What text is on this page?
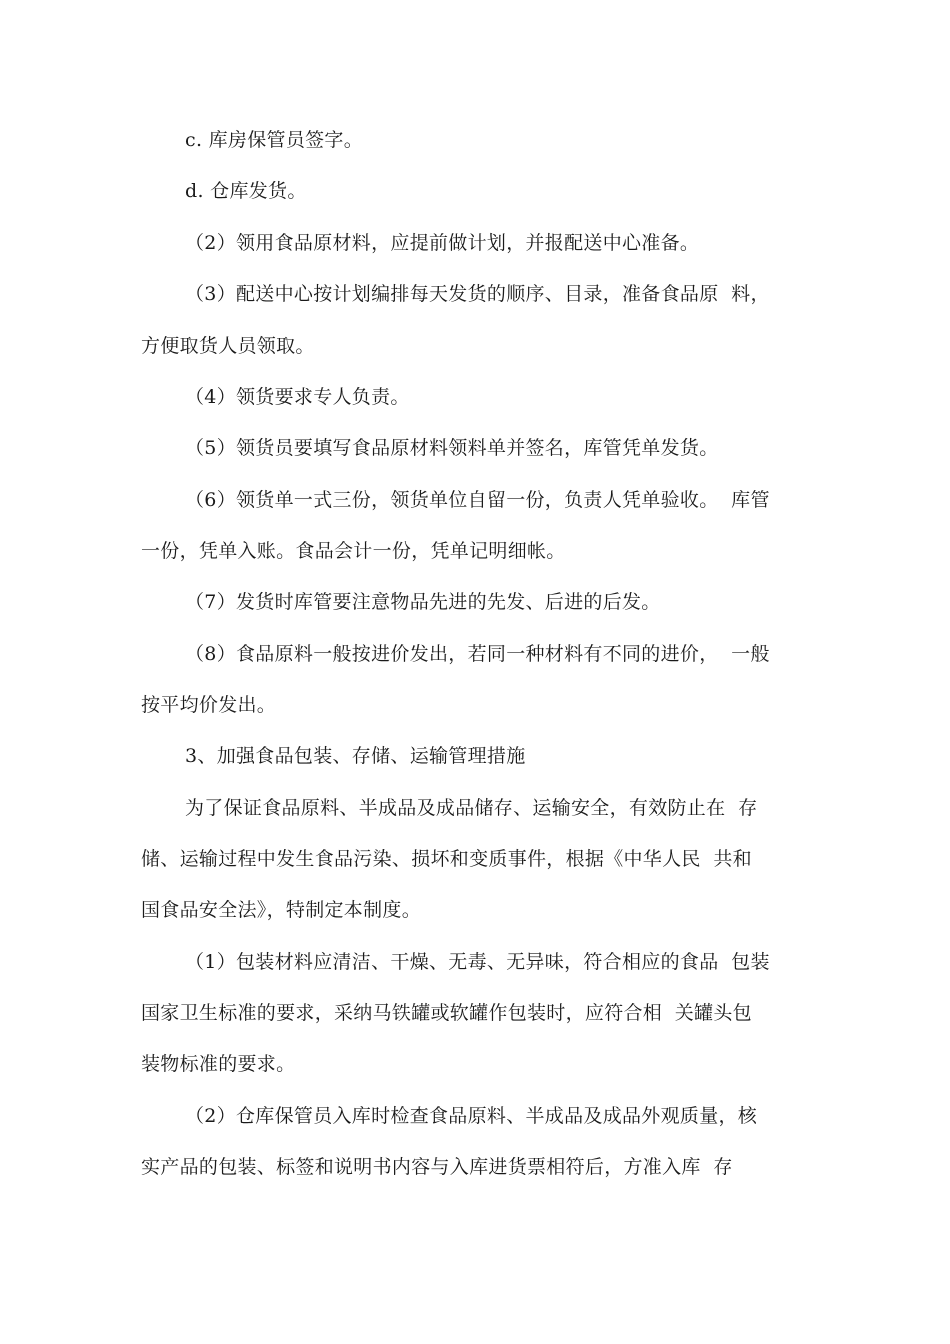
c. 库房保管员签字。
d. 仓库发货。
（2）领用食品原材料，应提前做计划，并报配送中心准备。
（3）配送中心按计划编排每天发货的顺序、目录，准备食品原  料，
方便取货人员领取。
（4）领货要求专人负责。
（5）领货员要填写食品原材料领料单并签名，库管凭单发货。
（6）领货单一式三份，领货单位自留一份，负责人凭单验收。  库管
一份，凭单入账。食品会计一份，凭单记明细帐。
（7）发货时库管要注意物品先进的先发、后进的后发。
（8）食品原料一般按进价发出，若同一种材料有不同的进价，  一般
按平均价发出。
3、加强食品包装、存储、运输管理措施
为了保证食品原料、半成品及成品储存、运输安全，有效防止在  存
储、运输过程中发生食品污染、损坏和变质事件，根据《中华人民  共和
国食品安全法》，特制定本制度。
（1）包装材料应清洁、干燥、无毒、无异味，符合相应的食品  包装
国家卫生标准的要求，采纳马铁罐或软罐作包装时，应符合相  关罐头包
装物标准的要求。
（2）仓库保管员入库时检查食品原料、半成品及成品外观质量，核
实产品的包装、标签和说明书内容与入库进货票相符后，方准入库  存
